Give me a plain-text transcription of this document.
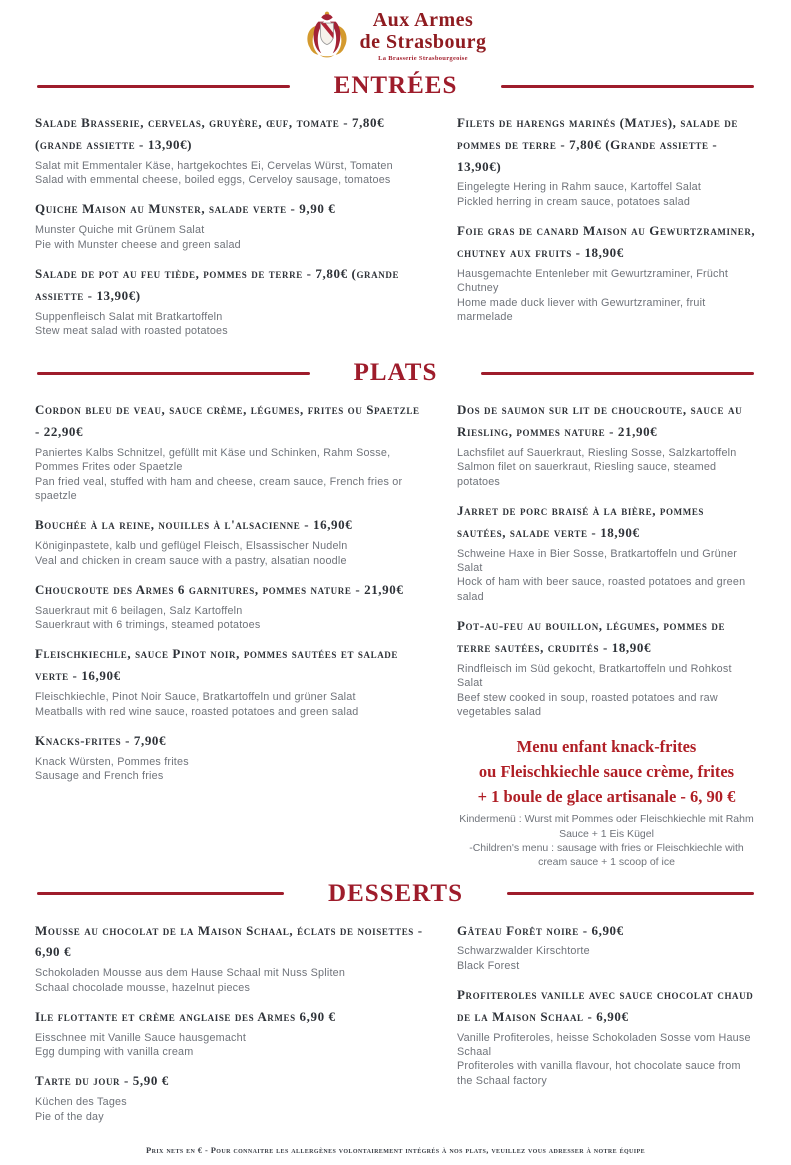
Aux Armes
de Strasbourg
La Brasserie Strasbourgeoise
ENTRÉES
Salade Brasserie, cervelas, gruyère, œuf, tomate - 7,80€ (grande assiette - 13,90€)
Salat mit Emmentaler Käse, hartgekochtes Ei, Cervelas Würst, Tomaten
Salad with emmental cheese, boiled eggs, Cerveloy sausage, tomatoes
Quiche Maison au Munster, salade verte - 9,90 €
Munster Quiche mit Grünem Salat
Pie with Munster cheese and green salad
Salade de pot au feu tiède, pommes de terre - 7,80€ (grande assiette - 13,90€)
Suppenfleisch Salat mit Bratkartoffeln
Stew meat salad with roasted potatoes
Filets de harengs marinés (Matjes), salade de pommes de terre - 7,80€ (Grande assiette - 13,90€)
Eingelegte Hering in Rahm sauce, Kartoffel Salat
Pickled herring in cream sauce, potatoes salad
Foie gras de canard Maison au Gewurtzraminer, chutney aux fruits - 18,90€
Hausgemachte Entenleber mit Gewurtzraminer, Frücht Chutney
Home made duck liever with Gewurtzraminer, fruit marmelade
PLATS
Cordon bleu de veau, sauce crème, légumes, frites ou Spaetzle - 22,90€
Paniertes Kalbs Schnitzel, gefüllt mit Käse und Schinken, Rahm Sosse, Pommes Frites oder Spaetzle
Pan fried veal, stuffed with ham and cheese, cream sauce, French fries or spaetzle
Bouchée à la reine, nouilles à l'alsacienne - 16,90€
Königinpastete, kalb und geflügel Fleisch, Elsassischer Nudeln
Veal and chicken in cream sauce with a pastry, alsatian noodle
Choucroute des Armes 6 garnitures, pommes nature - 21,90€
Sauerkraut mit 6 beilagen, Salz Kartoffeln
Sauerkraut with 6 trimings, steamed potatoes
Fleischkiechle, sauce Pinot noir, pommes sautées et salade verte - 16,90€
Fleischkiechle, Pinot Noir Sauce, Bratkartoffeln und grüner Salat
Meatballs with red wine sauce, roasted potatoes and green salad
Knacks-frites - 7,90€
Knack Würsten, Pommes frites
Sausage and French fries
Dos de saumon sur lit de choucroute, sauce au Riesling, pommes nature - 21,90€
Lachsfilet auf Sauerkraut, Riesling Sosse, Salzkartoffeln
Salmon filet on sauerkraut, Riesling sauce, steamed potatoes
Jarret de porc braisé à la bière, pommes sautées, salade verte - 18,90€
Schweine Haxe in Bier Sosse, Bratkartoffeln und Grüner Salat
Hock of ham with beer sauce, roasted potatoes and green salad
Pot-au-feu au bouillon, légumes, pommes de terre sautées, crudités - 18,90€
Rindfleisch im Süd gekocht, Bratkartoffeln und Rohkost Salat
Beef stew cooked in soup, roasted potatoes and raw vegetables salad
Menu enfant knack-frites
ou Fleischkiechle sauce crème, frites
+ 1 boule de glace artisanale - 6, 90 €
Kindermenü : Wurst mit Pommes oder Fleischkiechle mit Rahm Sauce + 1 Eis Kügel
-Children's menu : sausage with fries or Fleischkiechle with cream sauce + 1 scoop of ice
DESSERTS
Mousse au chocolat de la Maison Schaal, éclats de noisettes - 6,90 €
Schokoladen Mousse aus dem Hause Schaal mit Nuss Spliten
Schaal chocolade mousse, hazelnut pieces
Ile flottante et crème anglaise des Armes 6,90 €
Eisschnee mit Vanille Sauce hausgemacht
Egg dumping with vanilla cream
Tarte du jour - 5,90 €
Küchen des Tages
Pie of the day
Gâteau Forêt noire - 6,90€
Schwarzwalder Kirschtorte
Black Forest
Profiteroles vanille avec sauce chocolat chaud de la Maison Schaal - 6,90€
Vanille Profiteroles, heisse Schokoladen Sosse vom Hause Schaal
Profiteroles with vanilla flavour, hot chocolate sauce from the Schaal factory
Prix nets en € - Pour connaitre les allergènes volontairement intégrés à nos plats, veuillez vous adresser à notre équipe
